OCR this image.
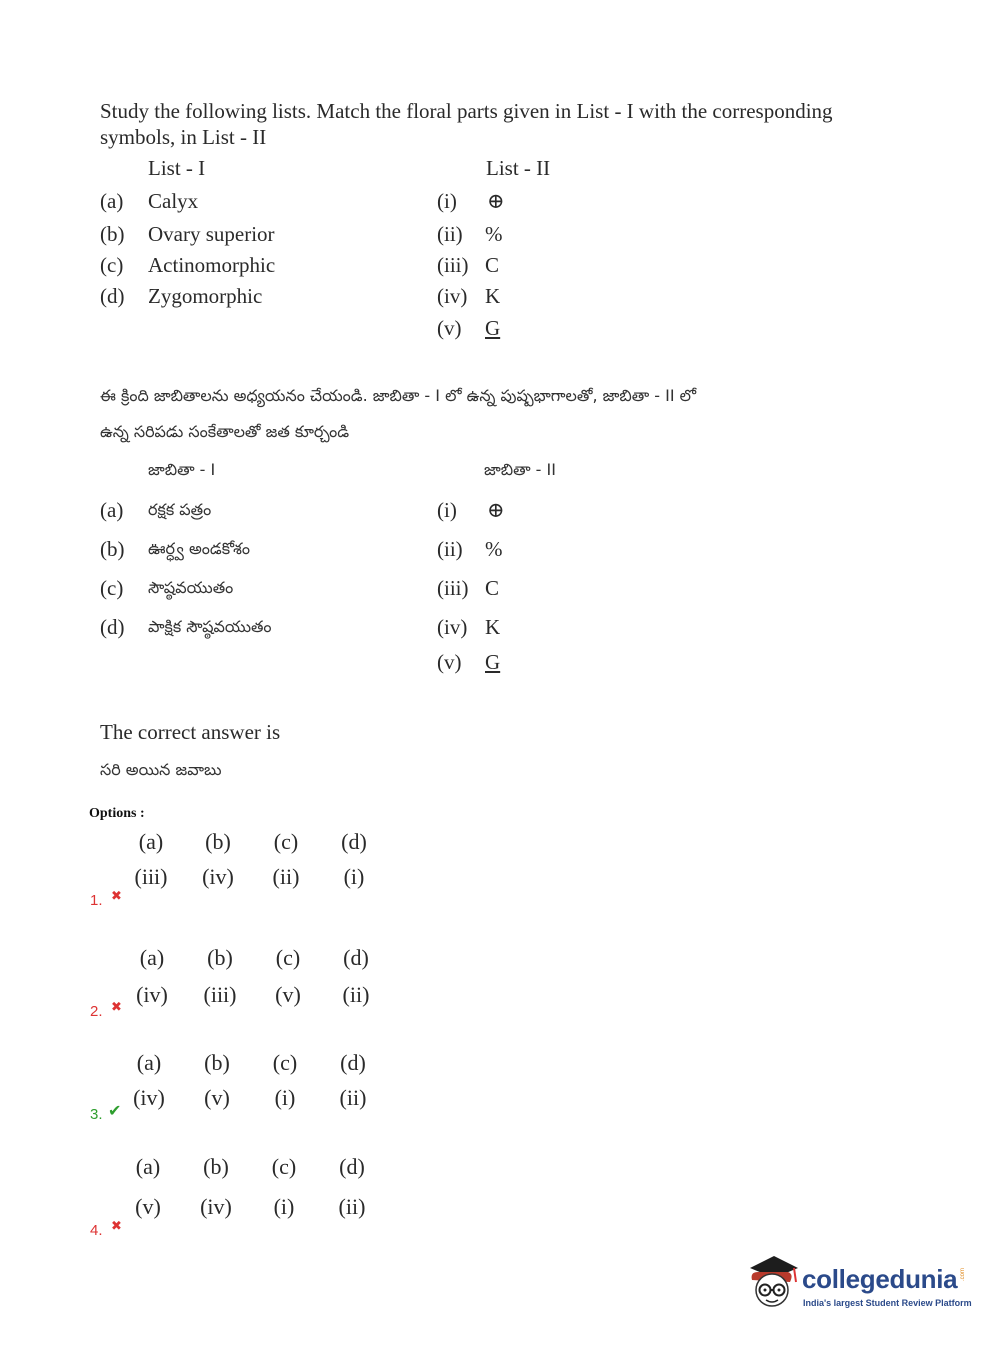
Study the following lists. Match the floral parts given in List - I with the corresponding
symbols, in List - II
List - I	List - II
(a) Calyx	(i) ⊕
(b) Ovary superior	(ii) %
(c) Actinomorphic	(iii) C
(d) Zygomorphic	(iv) K
(v) G
ఈ క్రింది జాబితాలను అధ్యయనం చేయండి. జాబితా - I లో ఉన్న పుష్పభాగాలతో, జాబితా - II లో
ఉన్న సరిపడు సంకేతాలతో జత కూర్చండి
జాబితా - I	జాబితా - II
(a) రక్షక పత్రం	(i) ⊕
(b) ఊర్ధ్వ అండకోశం	(ii) %
(c) సౌష్ఠవయుతం	(iii) C
(d) పాక్షిక సౌష్ఠవయుతం	(iv) K
(v) G
The correct answer is
సరి అయిన జవాబు
Options :
(a)	(b)	(c)	(d)
(iii) (iv) (ii)	(i)
1. ✖
(a)	(b)	(c)	(d)
(iv) (iii)	(v)	(ii)
2. ✖
(a)	(b)	(c)	(d)
(iv)	(v)	(i)	(ii)
3. ✔
(a)	(b)	(c)	(d)
(v)	(iv)	(i)	(ii)
4. ✖
collegedunia .com
India's largest Student Review Platform
